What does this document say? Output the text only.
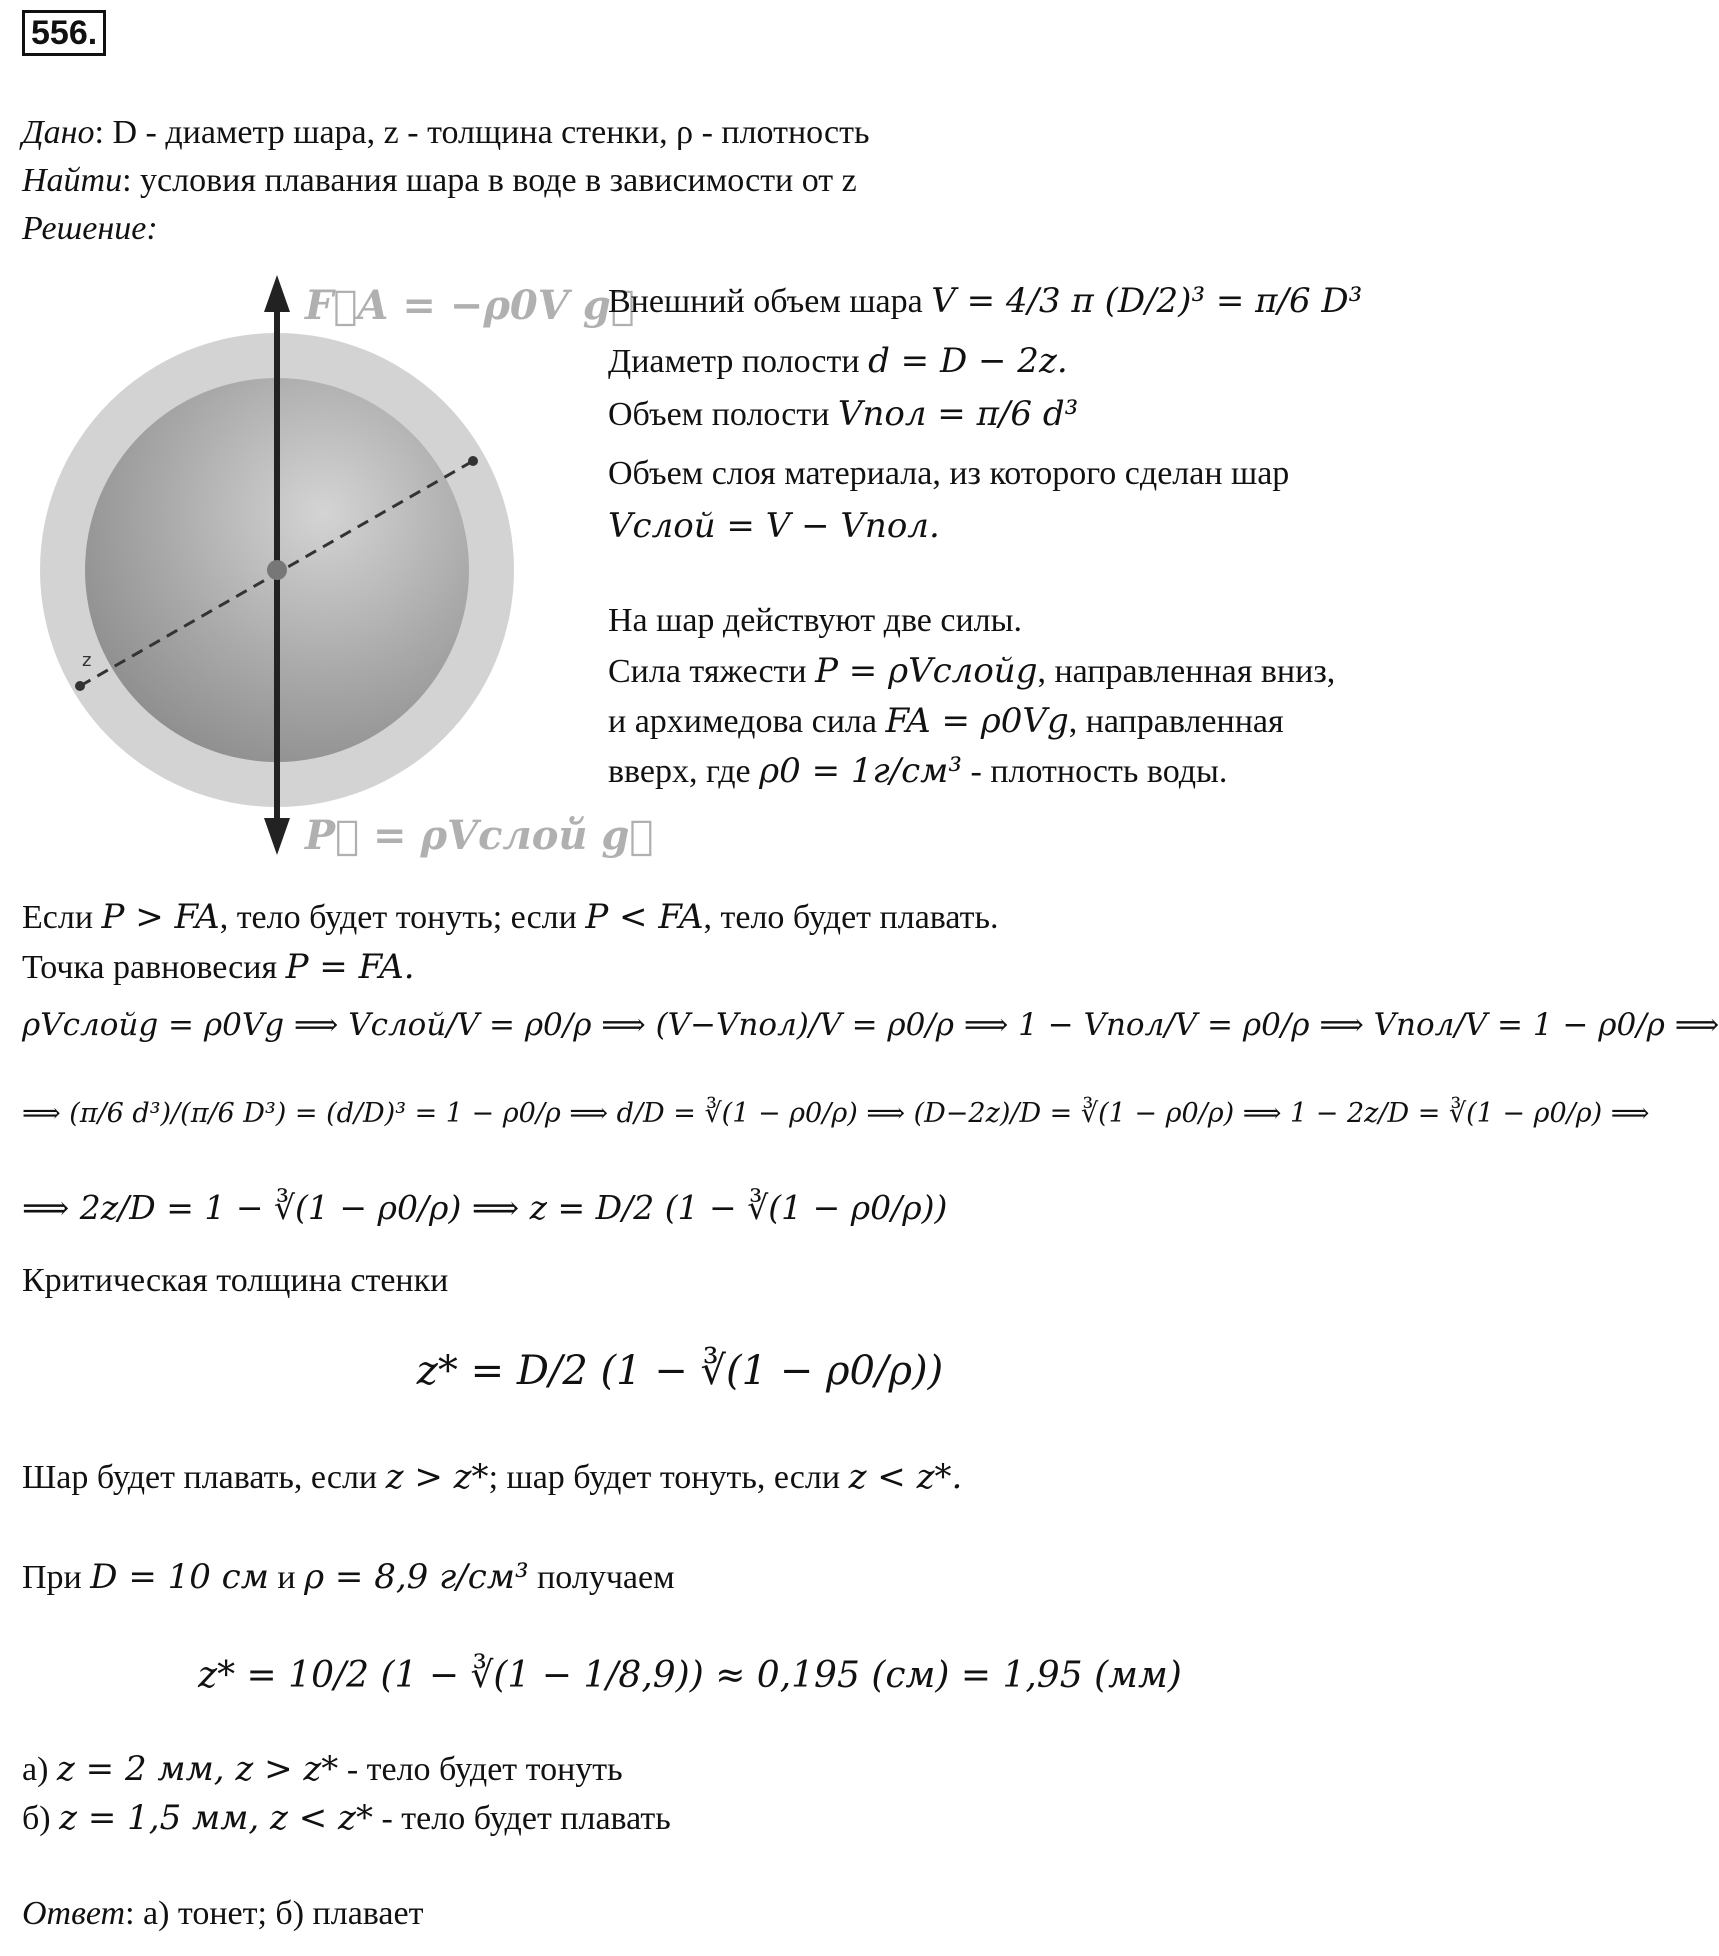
556.
Дано: D - диаметр шара, z - толщина стенки, ρ - плотность
Найти: условия плавания шара в воде в зависимости от z
Решение:
z
F⃗A = −ρ0V g⃗
P⃗ = ρVслой g⃗
Внешний объем шара V = 4/3 π (D/2)³ = π/6 D³
Диаметр полости d = D − 2z.
Объем полости Vпол = π/6 d³
Объем слоя материала, из которого сделан шар
Vслой = V − Vпол.
На шар действуют две силы.
Сила тяжести P = ρVслойg, направленная вниз,
и архимедова сила FA = ρ0Vg, направленная
вверх, где ρ0 = 1г/см³ - плотность воды.
Если P > FA, тело будет тонуть; если P < FA, тело будет плавать.
Точка равновесия P = FA.
ρVслойg = ρ0Vg ⟹ Vслой/V = ρ0/ρ ⟹ (V−Vпол)/V = ρ0/ρ ⟹ 1 − Vпол/V = ρ0/ρ ⟹ Vпол/V = 1 − ρ0/ρ ⟹
⟹ (π/6 d³)/(π/6 D³) = (d/D)³ = 1 − ρ0/ρ ⟹ d/D = ∛(1 − ρ0/ρ) ⟹ (D−2z)/D = ∛(1 − ρ0/ρ) ⟹ 1 − 2z/D = ∛(1 − ρ0/ρ) ⟹
⟹ 2z/D = 1 − ∛(1 − ρ0/ρ) ⟹ z = D/2 (1 − ∛(1 − ρ0/ρ))
Критическая толщина стенки
z* = D/2 (1 − ∛(1 − ρ0/ρ))
Шар будет плавать, если z > z*; шар будет тонуть, если z < z*.
При D = 10 см и ρ = 8,9 г/см³ получаем
z* = 10/2 (1 − ∛(1 − 1/8,9)) ≈ 0,195 (см) = 1,95 (мм)
а) z = 2 мм, z > z* - тело будет тонуть
б) z = 1,5 мм, z < z* - тело будет плавать
Ответ: а) тонет; б) плавает
